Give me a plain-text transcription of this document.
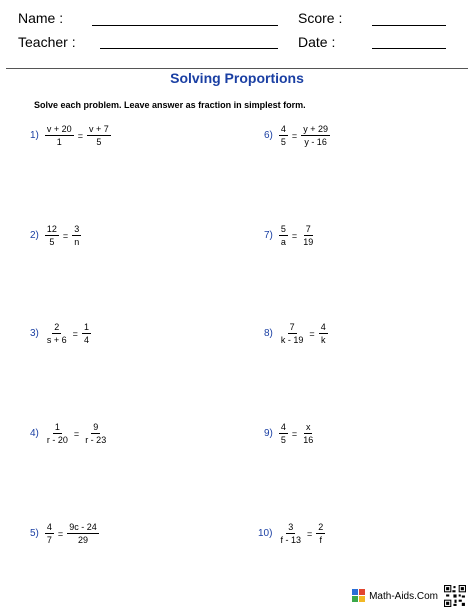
Name :	Score :
Teacher :	Date :
Solving Proportions
Solve each problem. Leave answer as fraction in simplest form.
$1) \frac{v + 20}{1} = \frac{v + 7}{5}$
$2) \frac{12}{5} = \frac{3}{n}$
$3) \frac{2}{s + 6} = \frac{1}{4}$
$4) \frac{1}{r - 20} = \frac{9}{r - 23}$
$5) \frac{4}{7} = \frac{9c - 24}{29}$
$6) \frac{4}{5} = \frac{y + 29}{y - 16}$
$7) \frac{5}{a} = \frac{7}{19}$
$8) \frac{7}{k - 19} = \frac{4}{k}$
$9) \frac{4}{5} = \frac{x}{16}$
$10) \frac{3}{f - 13} = \frac{2}{f}$
Math-Aids.Com
